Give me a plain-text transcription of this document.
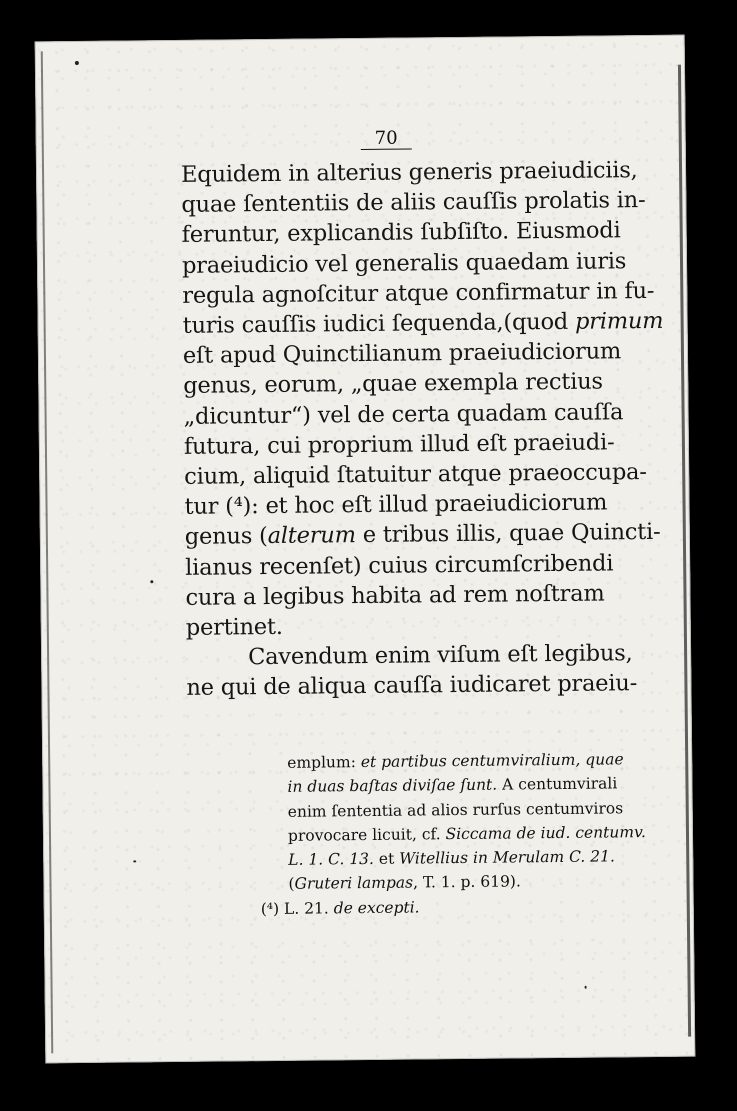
70
Equidem in alterius generis praeiudiciis,
quae ſententiis de aliis cauſſis prolatis in-
feruntur, explicandis ſubſiſto. Eiusmodi
praeiudicio vel generalis quaedam iuris
regula agnoſcitur atque confirmatur in fu-
turis cauſſis iudici ſequenda,(quod primum
eſt apud Quinctilianum praeiudiciorum
genus, eorum, „quae exempla rectius
„dicuntur“) vel de certa quadam cauſſa
futura, cui proprium illud eſt praeiudi-
cium, aliquid ſtatuitur atque praeoccupa-
tur (⁴): et hoc eſt illud praeiudiciorum
genus (alterum e tribus illis, quae Quincti-
lianus recenſet) cuius circumſcribendi
cura a legibus habita ad rem noſtram
pertinet.
Cavendum enim viſum eſt legibus,
ne qui de aliqua cauſſa iudicaret praeiu-
emplum: et partibus centumviralium, quae
in duas baſtas diviſae ſunt. A centumvirali
enim ſententia ad alios rurſus centumviros
provocare licuit, cf. Siccama de iud. centumv.
L. 1. C. 13. et Witellius in Merulam C. 21.
(Gruteri lampas, T. 1. p. 619).
(⁴) L. 21. de excepti.
